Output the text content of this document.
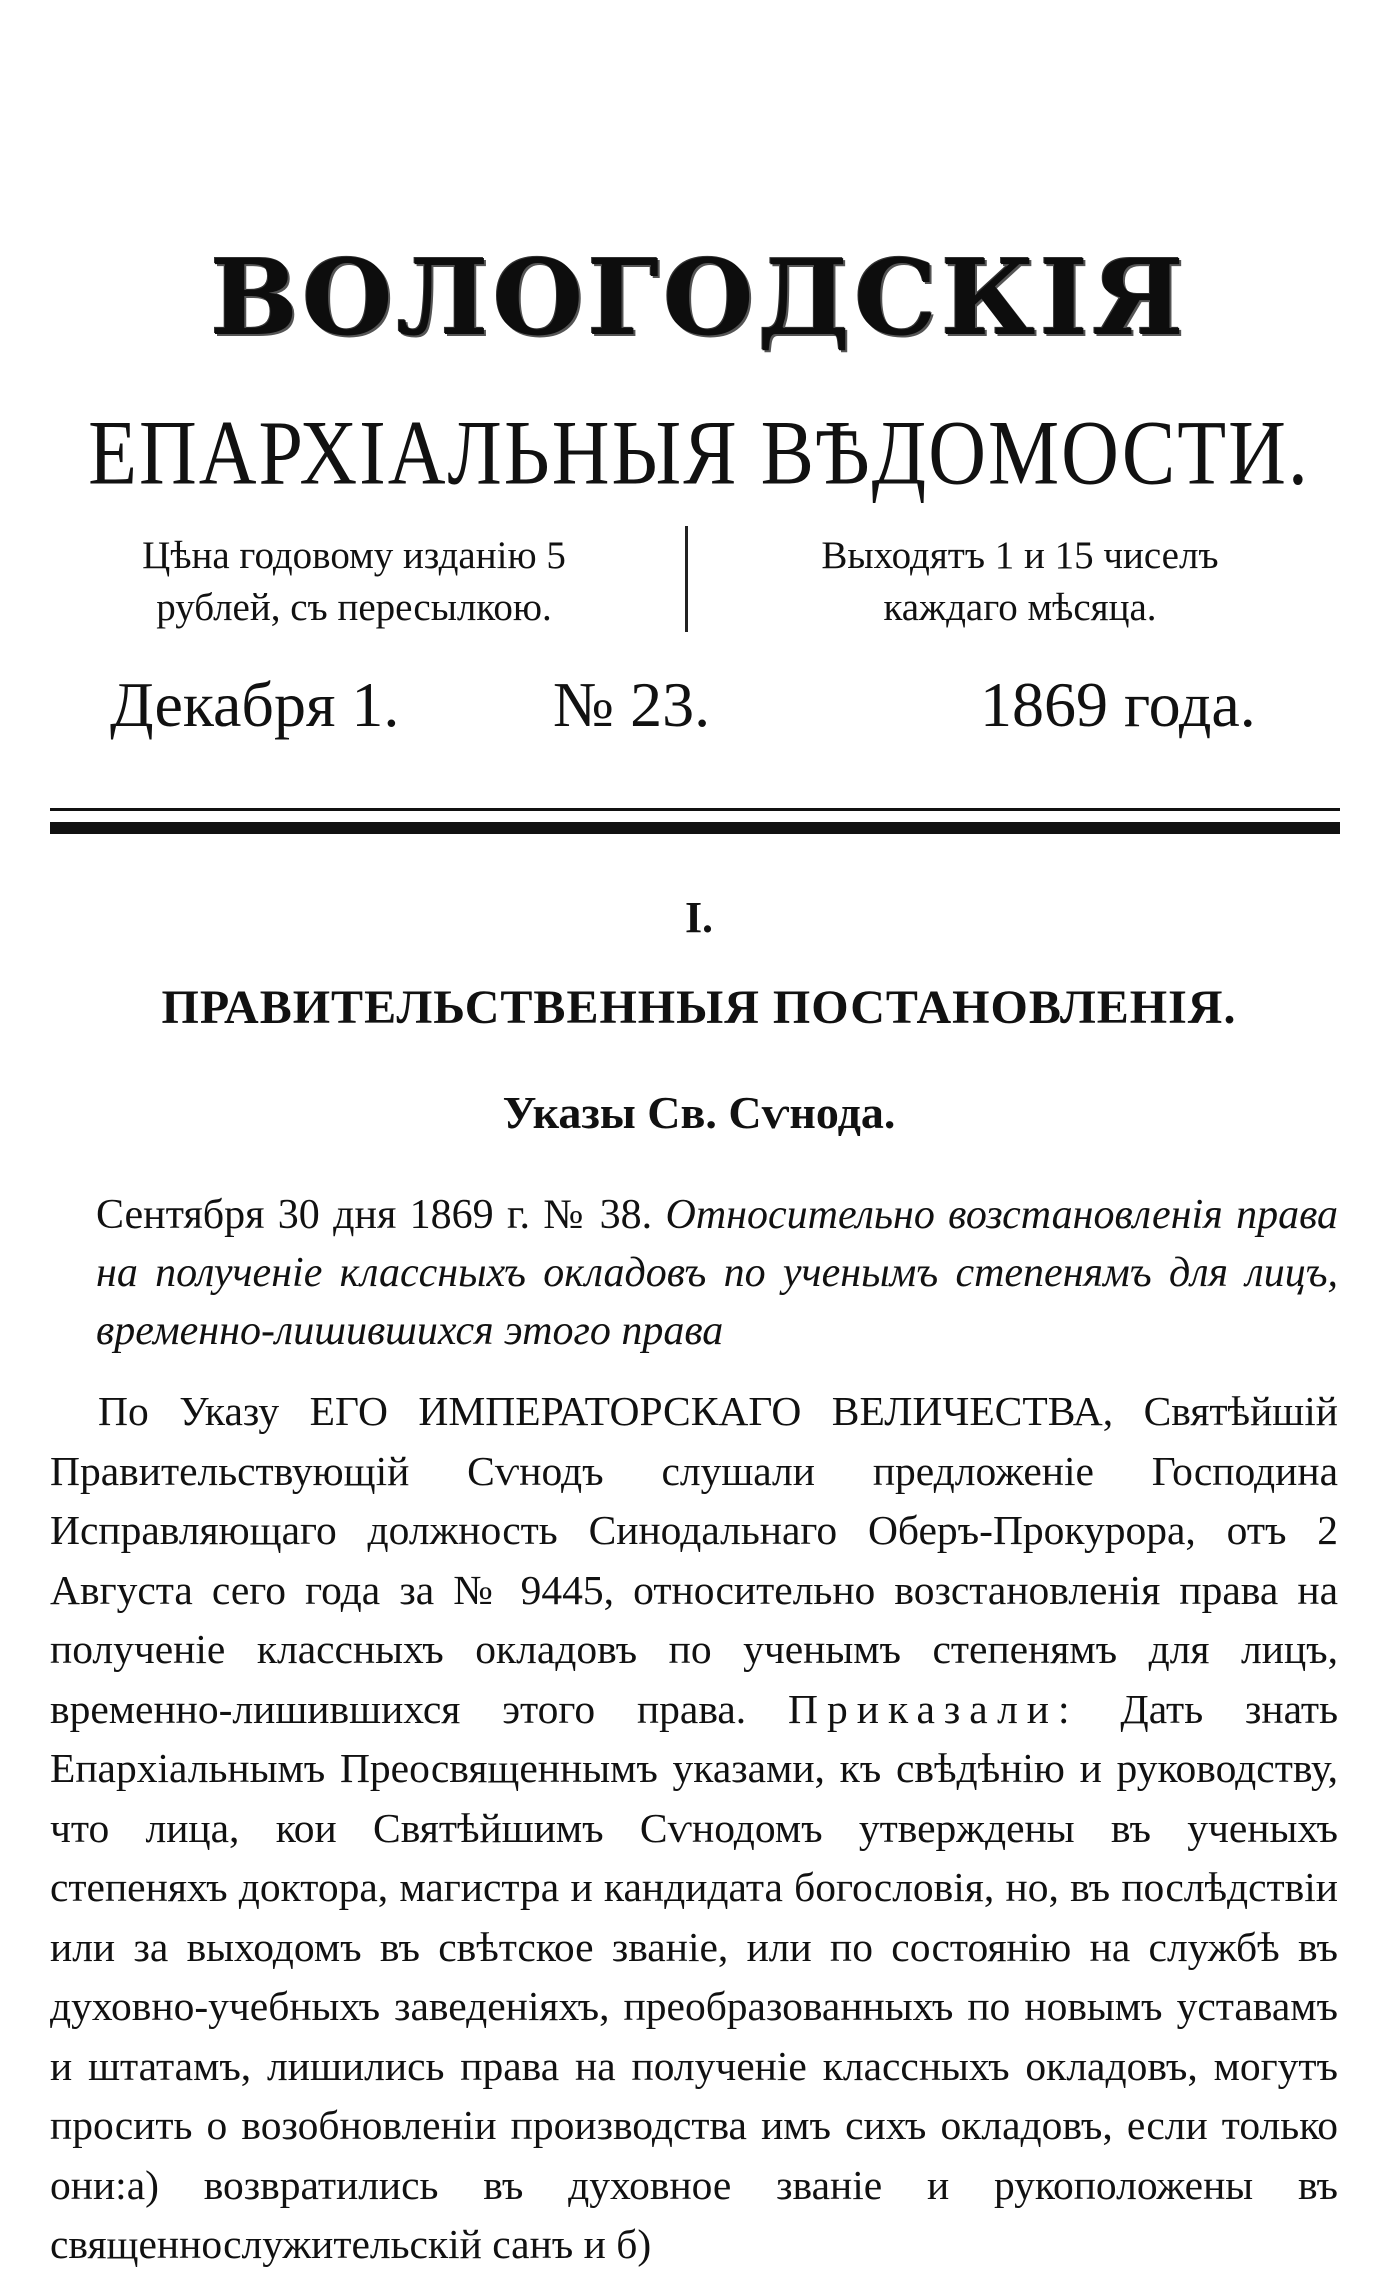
ВОЛОГОДСКІЯ
ЕПАРХІАЛЬНЫЯ ВѢДОМОСТИ.
Цѣна годовому изданію 5
рублей, съ пересылкою.
Выходятъ 1 и 15 чиселъ
каждаго мѣсяца.
Декабря 1. № 23.	1869 года.
I.
ПРАВИТЕЛЬСТВЕННЫЯ ПОСТАНОВЛЕНІЯ.
Указы Св. Сѵнода.
Сентября 30 дня 1869 г. № 38. Относительно возстановленія права на полученіе классныхъ окладовъ по ученымъ степенямъ для лицъ, временно-лишившихся этого права
По Указу ЕГО ИМПЕРАТОРСКАГО ВЕЛИЧЕСТВА, Святѣйшій Правительствующій Сѵнодъ слушали предложеніе Господина Исправляющаго должность Синодальнаго Оберъ-Прокурора, отъ 2 Августа сего года за № 9445, относительно возстановленія права на полученіе классныхъ окладовъ по ученымъ степенямъ для лицъ, временно-лишившихся этого права. Приказали: Дать знать Епархіальнымъ Преосвященнымъ указами, къ свѣдѣнію и руководству, что лица, кои Святѣйшимъ Сѵнодомъ утверждены въ ученыхъ степеняхъ доктора, магистра и кандидата богословія, но, въ послѣдствіи или за выходомъ въ свѣтское званіе, или по состоянію на службѣ въ духовно-учебныхъ заведеніяхъ, преобразованныхъ по новымъ уставамъ и штатамъ, лишились права на полученіе классныхъ окладовъ, могутъ просить о возобновленіи производства имъ сихъ окладовъ, если только они:а) возвратились въ духовное званіе и рукоположены въ священнослужительскій санъ и б)
